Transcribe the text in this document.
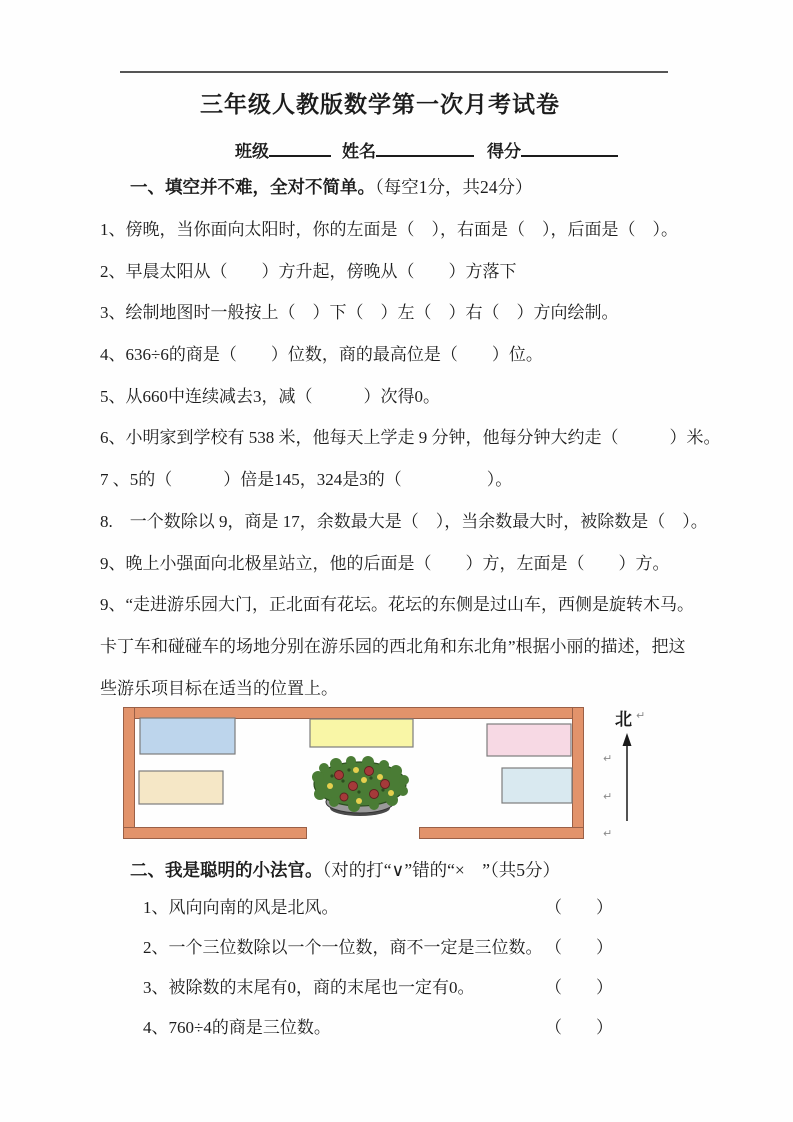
三年级人教版数学第一次月考试卷
班级	姓名	得分
一、填空并不难，全对不简单。（每空1分，共24分）
1、傍晚，当你面向太阳时，你的左面是（　），右面是（　），后面是（　）。
2、早晨太阳从（　　）方升起，傍晚从（　　）方落下
3、绘制地图时一般按上（　）下（　）左（　）右（　）方向绘制。
4、636÷6的商是（　　）位数，商的最高位是（　　）位。
5、从660中连续减去3，减（　　　）次得0。
6、小明家到学校有 538 米，他每天上学走 9 分钟，他每分钟大约走（　　　）米。
7 、5的（　　　）倍是145，324是3的（　　　　　）。
8.　一个数除以 9，商是 17，余数最大是（　），当余数最大时，被除数是（　）。
9、晚上小强面向北极星站立，他的后面是（　　）方，左面是（　　）方。
9、“走进游乐园大门，正北面有花坛。花坛的东侧是过山车，西侧是旋转木马。
卡丁车和碰碰车的场地分别在游乐园的西北角和东北角”根据小丽的描述，把这
些游乐项目标在适当的位置上。
北 ↵
↵
↵
↵
二、我是聪明的小法官。（对的打“∨”错的“×　”（共5分）
1、风向向南的风是北风。	（　　）
2、一个三位数除以一个一位数，商不一定是三位数。 （　　）
3、被除数的末尾有0，商的末尾也一定有0。	（　　）
4、760÷4的商是三位数。	（　　）
